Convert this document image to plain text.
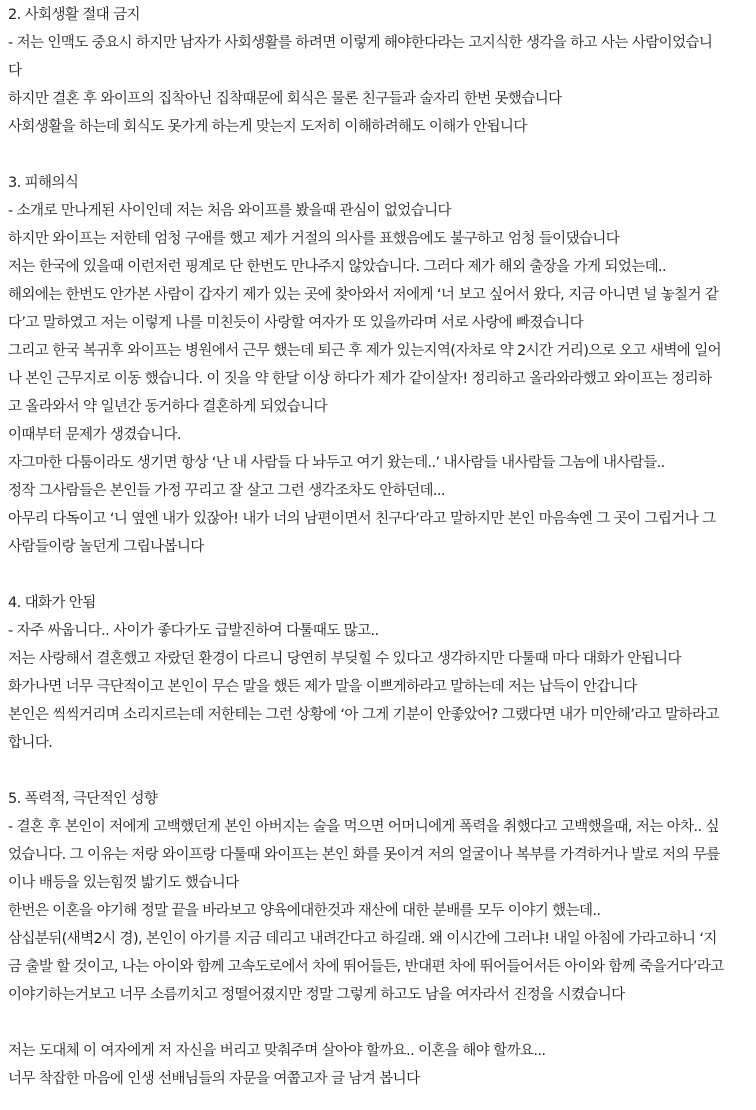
2. 사회생활 절대 금지
- 저는 인맥도 중요시 하지만 남자가 사회생활를 하려면 이렇게 해야한다라는 고지식한 생각을 하고 사는 사람이었습니
다
하지만 결혼 후 와이프의 집착아닌 집착때문에 회식은 물론 친구들과 술자리 한번 못했습니다
사회생활을 하는데 회식도 못가게 하는게 맞는지 도저히 이해하려해도 이해가 안됩니다
3. 피해의식
- 소개로 만나게된 사이인데 저는 처음 와이프를 봤을때 관심이 없었습니다
하지만 와이프는 저한테 엄청 구애를 했고 제가 거절의 의사를 표했음에도 불구하고 엄청 들이댔습니다
저는 한국에 있을때 이런저런 핑계로 단 한번도 만나주지 않았습니다. 그러다 제가 해외 출장을 가게 되었는데..
해외에는 한번도 안가본 사람이 갑자기 제가 있는 곳에 찾아와서 저에게 ‘너 보고 싶어서 왔다, 지금 아니면 널 놓칠거 같
다’고 말하였고 저는 이렇게 나를 미친듯이 사랑할 여자가 또 있을까라며 서로 사랑에 빠졌습니다
그리고 한국 복귀후 와이프는 병원에서 근무 했는데 퇴근 후 제가 있는지역(자차로 약 2시간 거리)으로 오고 새벽에 일어
나 본인 근무지로 이동 했습니다. 이 짓을 약 한달 이상 하다가 제가 같이살자! 정리하고 올라와라했고 와이프는 정리하
고 올라와서 약 일년간 동거하다 결혼하게 되었습니다
이때부터 문제가 생겼습니다.
자그마한 다툼이라도 생기면 항상 ‘난 내 사람들 다 놔두고 여기 왔는데..’ 내사람들 내사람들 그놈에 내사람들..
정작 그사람들은 본인들 가정 꾸리고 잘 살고 그런 생각조차도 안하던데...
아무리 다독이고 ‘니 옆엔 내가 있잖아! 내가 너의 남편이면서 친구다’라고 말하지만 본인 마음속엔 그 곳이 그립거나 그
사람들이랑 놀던게 그립나봅니다
4. 대화가 안됨
- 자주 싸웁니다.. 사이가 좋다가도 급발진하여 다툴때도 많고..
저는 사랑해서 결혼했고 자랐던 환경이 다르니 당연히 부딪힐 수 있다고 생각하지만 다툴때 마다 대화가 안됩니다
화가나면 너무 극단적이고 본인이 무슨 말을 했든 제가 말을 이쁘게하라고 말하는데 저는 납득이 안갑니다
본인은 씩씩거리며 소리지르는데 저한테는 그런 상황에 ‘아 그게 기분이 안좋았어? 그랬다면 내가 미안해’라고 말하라고
합니다.
5. 폭력적, 극단적인 성향
- 결혼 후 본인이 저에게 고백했던게 본인 아버지는 술을 먹으면 어머니에게 폭력을 취했다고 고백했을때, 저는 아차.. 싶
었습니다. 그 이유는 저랑 와이프랑 다툴때 와이프는 본인 화를 못이겨 저의 얼굴이나 복부를 가격하거나 발로 저의 무릎
이나 배등을 있는힘껏 밟기도 했습니다
한번은 이혼을 야기해 정말 끝을 바라보고 양육에대한것과 재산에 대한 분배를 모두 이야기 했는데..
삼십분뒤(새벽2시 경), 본인이 아기를 지금 데리고 내려간다고 하길래. 왜 이시간에 그러냐! 내일 아침에 가라고하니 ‘지
금 출발 할 것이고, 나는 아이와 함께 고속도로에서 차에 뛰어들든, 반대편 차에 뛰어들어서든 아이와 함께 죽을거다’라고
이야기하는거보고 너무 소름끼치고 정떨어졌지만 정말 그렇게 하고도 남을 여자라서 진정을 시켰습니다
저는 도대체 이 여자에게 저 자신을 버리고 맞춰주며 살아야 할까요.. 이혼을 해야 할까요...
너무 착잡한 마음에 인생 선배님들의 자문을 여쭙고자 글 남겨 봅니다
